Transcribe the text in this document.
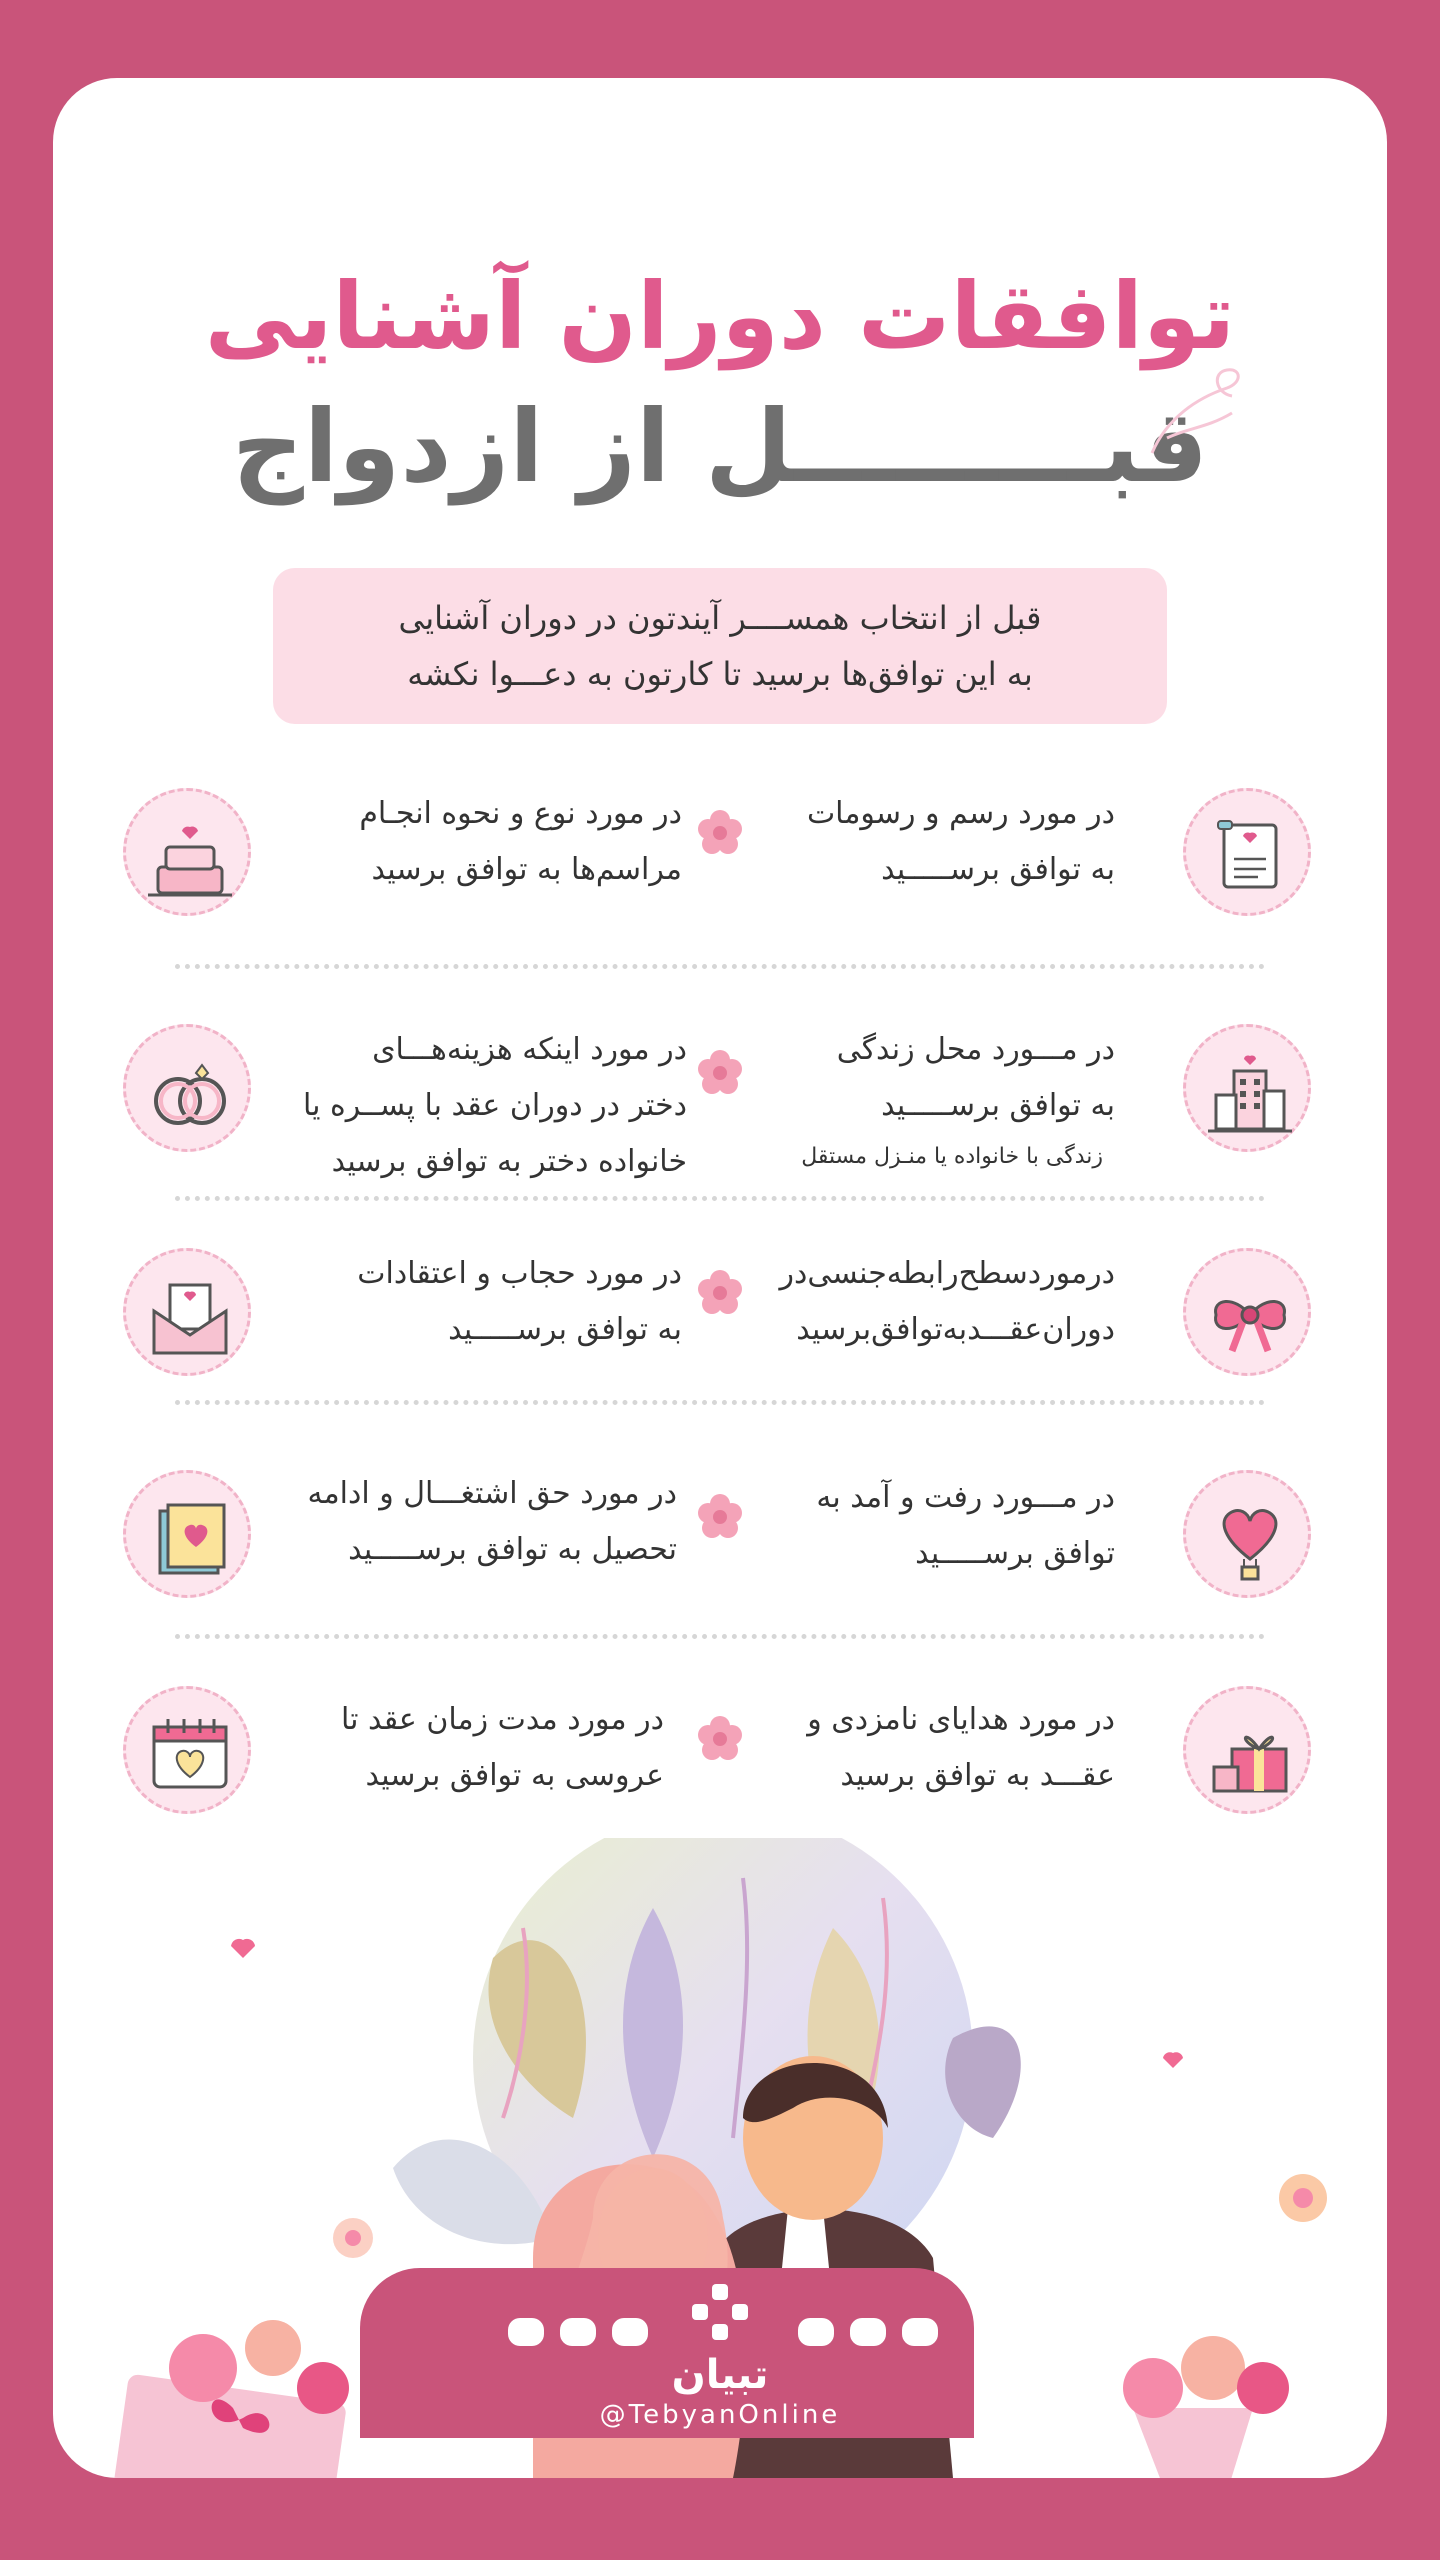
توافقات دوران آشنایی
قبـــــــــل از ازدواج

قبل از انتخاب همســــر آیندتون در دوران آشنایی

به این توافق‌ها برسید تا کارتون به دعـــوا نکشه

در مورد رسم و رسومات
به توافق برســـــید
در مورد نوع و نحوه انجـام
مراسم‌ها به توافق برسید
در مـــورد محل زندگی
به توافق برســـــید
زندگی با خانواده یا منـزل مستقل
در مورد اینکه هزینه‌هـــای
دختر در دوران عقد با پســره یا
خانواده دختر به توافق برسید
درموردسطح‌رابطه‌جنسی‌در
دوران‌عقـــدبه‌توافق‌برسید
در مورد حجاب و اعتقادات
به توافق برســـــید
در مـــورد رفت و آمد به
توافق برســـــید
در مورد حق اشتغـــال و ادامه
تحصیل به توافق برســـــید
در مورد هدایای نامزدی و
عقـــد به توافق برسید
در مورد مدت زمان عقد تا
عروسی به توافق برسید
تبیان
@TebyanOnline
